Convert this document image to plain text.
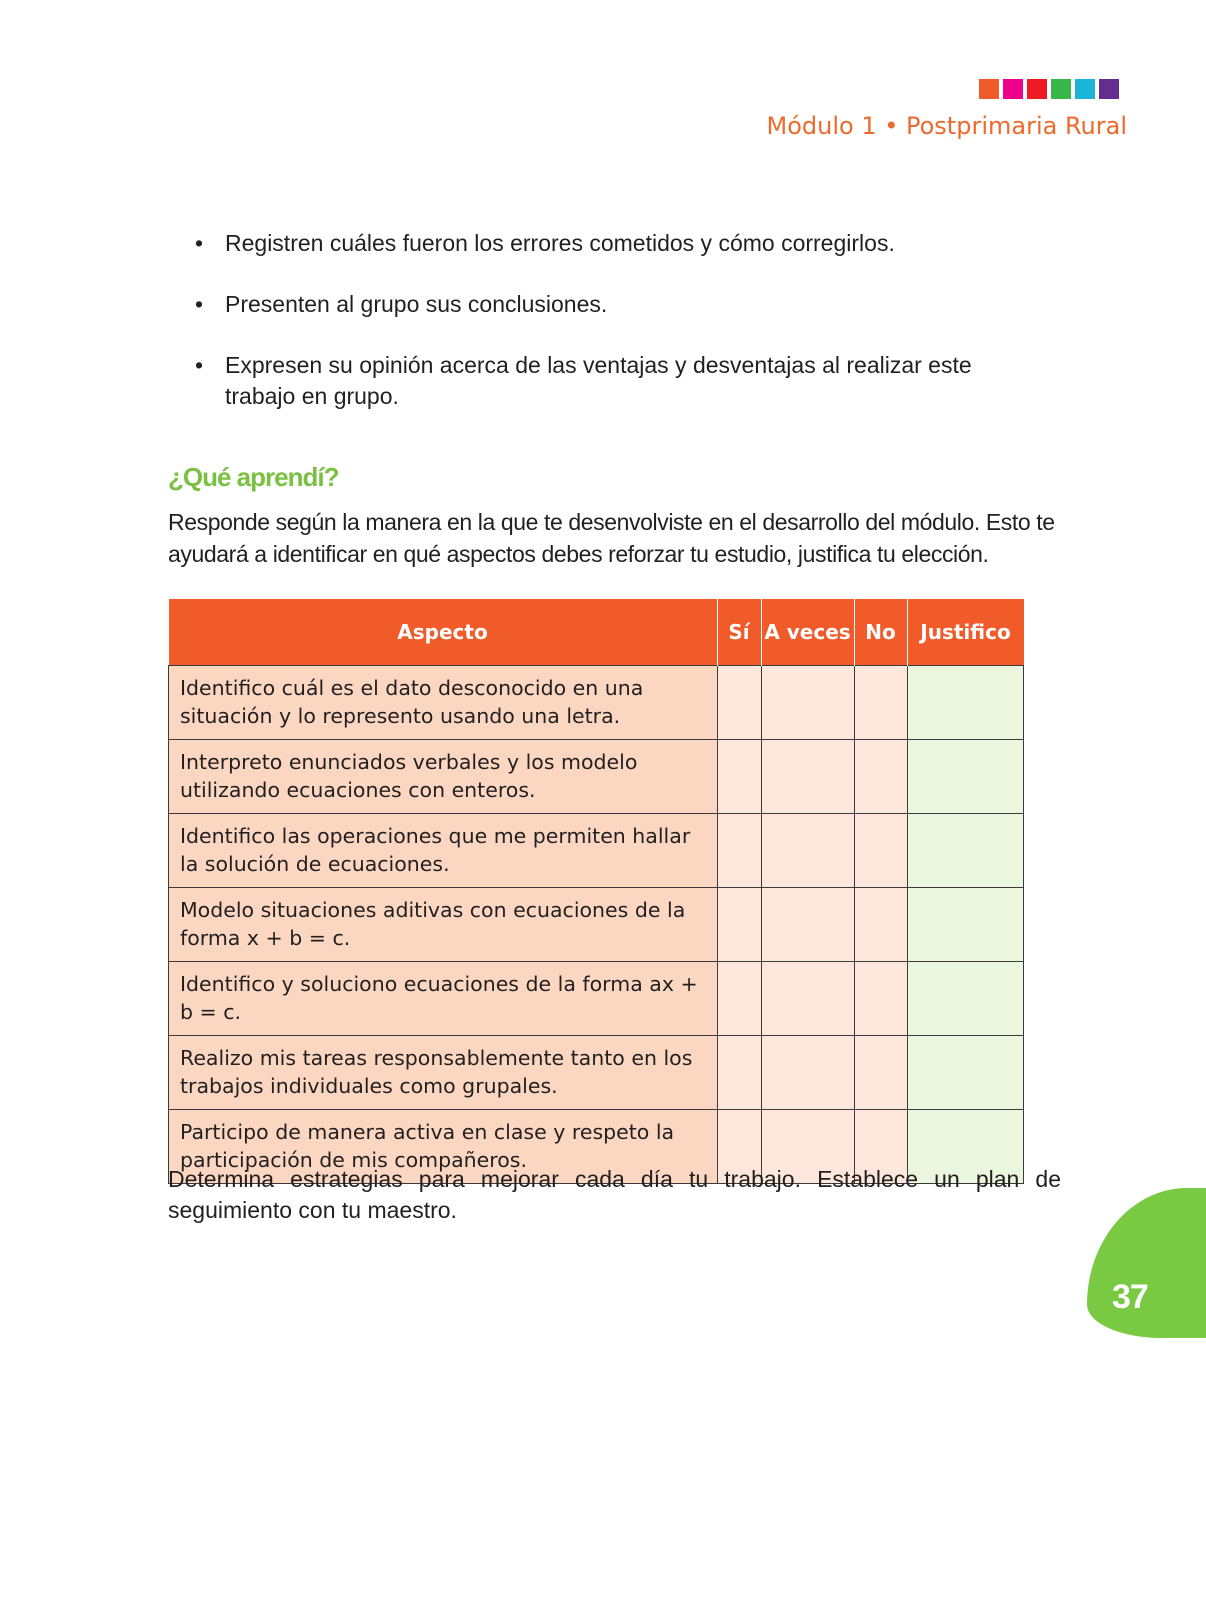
Módulo 1 • Postprimaria Rural
• Registren cuáles fueron los errores cometidos y cómo corregirlos.
• Presenten al grupo sus conclusiones.
• Expresen su opinión acerca de las ventajas y desventajas al realizar este trabajo en grupo.
¿Qué aprendí?

Responde según la manera en la que te desenvolviste en el desarrollo del módulo. Esto te ayudará a identificar en qué aspectos debes reforzar tu estudio, justifica tu elección.

Aspecto	Sí	A veces	No	Justifico
Identifico cuál es el dato desconocido en una situación y lo represento usando una letra.				
Interpreto enunciados verbales y los modelo utilizando ecuaciones con enteros.				
Identifico las operaciones que me permiten hallar la solución de ecuaciones.				
Modelo situaciones aditivas con ecuaciones de la forma x + b = c.				
Identifico y soluciono ecuaciones de la forma ax + b = c.				
Realizo mis tareas responsablemente tanto en los trabajos individuales como grupales.				
Participo de manera activa en clase y respeto la participación de mis compañeros.				

Determina estrategias para mejorar cada día tu trabajo. Establece un plan de seguimiento con tu maestro.

37
